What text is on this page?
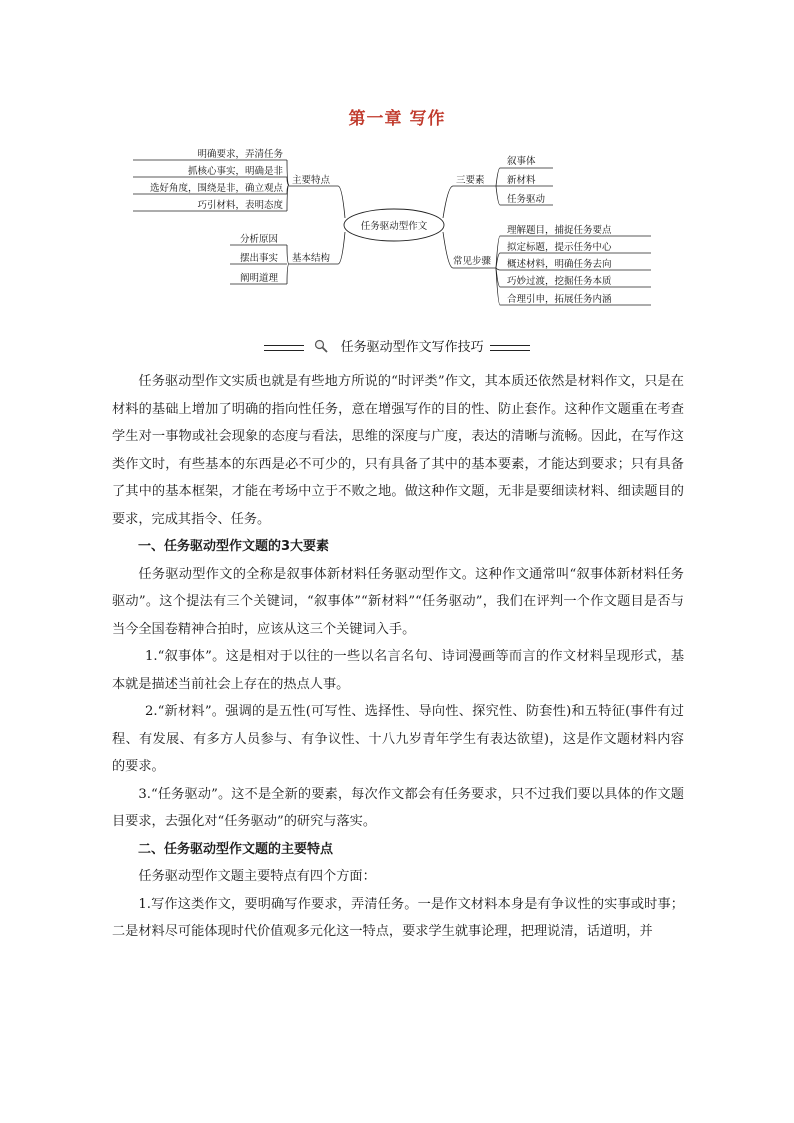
第一章 写作
明确要求，弄清任务
抓核心事实，明确是非
选好角度，围绕是非，确立观点
巧引材料，表明态度
主要特点
分析原因
摆出事实
阐明道理
基本结构
任务驱动型作文
三要素
叙事体
新材料
任务驱动
常见步骤
理解题目，捕捉任务要点
拟定标题，提示任务中心
概述材料，明确任务去向
巧妙过渡，挖掘任务本质
合理引申，拓展任务内涵
任务驱动型作文写作技巧

任务驱动型作文实质也就是有些地方所说的“时评类”作文，其本质还依然是材料作文，只是在材料的基础上增加了明确的指向性任务，意在增强写作的目的性、防止套作。这种作文题重在考查学生对一事物或社会现象的态度与看法，思维的深度与广度，表达的清晰与流畅。因此，在写作这类作文时，有些基本的东西是必不可少的，只有具备了其中的基本要素，才能达到要求；只有具备了其中的基本框架，才能在考场中立于不败之地。做这种作文题，无非是要细读材料、细读题目的要求，完成其指令、任务。

一、任务驱动型作文题的3大要素

任务驱动型作文的全称是叙事体新材料任务驱动型作文。这种作文通常叫“叙事体新材料任务驱动”。这个提法有三个关键词，“叙事体”“新材料”“任务驱动”，我们在评判一个作文题目是否与当今全国卷精神合拍时，应该从这三个关键词入手。

1.“叙事体”。这是相对于以往的一些以名言名句、诗词漫画等而言的作文材料呈现形式，基本就是描述当前社会上存在的热点人事。

2.“新材料”。强调的是五性(可写性、选择性、导向性、探究性、防套性)和五特征(事件有过程、有发展、有多方人员参与、有争议性、十八九岁青年学生有表达欲望)，这是作文题材料内容的要求。

3.“任务驱动”。这不是全新的要素，每次作文都会有任务要求，只不过我们要以具体的作文题目要求，去强化对“任务驱动”的研究与落实。

二、任务驱动型作文题的主要特点

任务驱动型作文题主要特点有四个方面：

1.写作这类作文，要明确写作要求，弄清任务。一是作文材料本身是有争议性的实事或时事；二是材料尽可能体现时代价值观多元化这一特点，要求学生就事论理，把理说清，话道明，并
